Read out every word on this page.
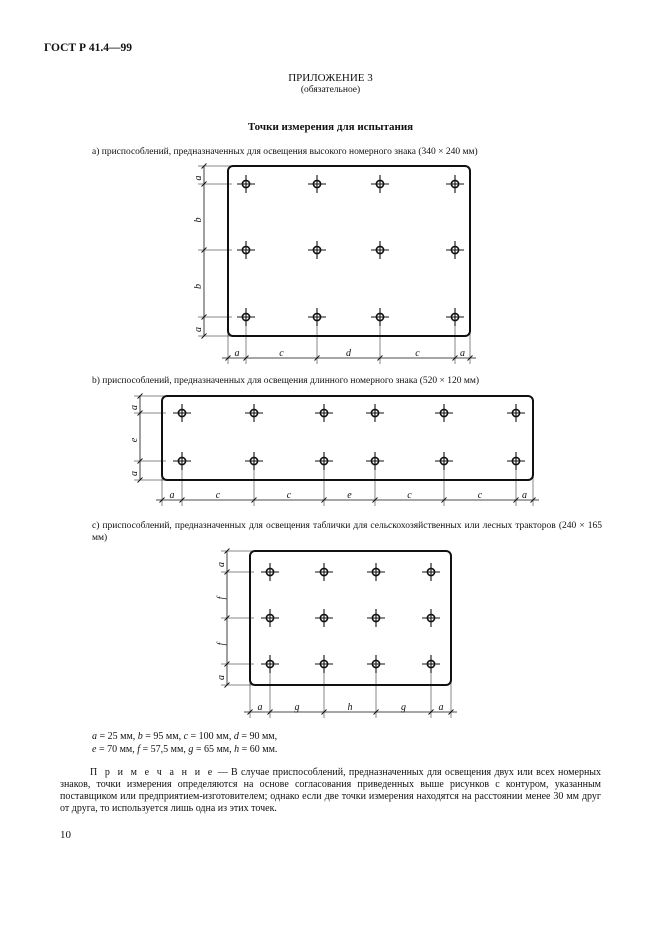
ГОСТ Р 41.4—99
ПРИЛОЖЕНИЕ 3
(обязательное)
Точки измерения для испытания
а) приспособлений, предназначенных для освещения высокого номерного знака (340 × 240 мм)
b) приспособлений, предназначенных для освещения длинного номерного знака (520 × 120 мм)
с) приспособлений, предназначенных для освещения таблички для сельскохозяйственных или лесных тракторов (240 × 165 мм)
a
b
b
a
a	c	d	c	a
a
e
a
a	c	c	e	c	c	a
a
f
f
a
a	g	h	g	a
a = 25 мм, b = 95 мм, c = 100 мм, d = 90 мм,
e = 70 мм, f = 57,5 мм, g = 65 мм, h = 60 мм.
П р и м е ч а н и е — В случае приспособлений, предназначенных для освещения двух или всех номерных знаков, точки измерения определяются на основе согласования приведенных выше рисунков с контуром, указанным поставщиком или предприятием-изготовителем; однако если две точки измерения находятся на расстоянии менее 30 мм друг от друга, то используется лишь одна из этих точек.
10
